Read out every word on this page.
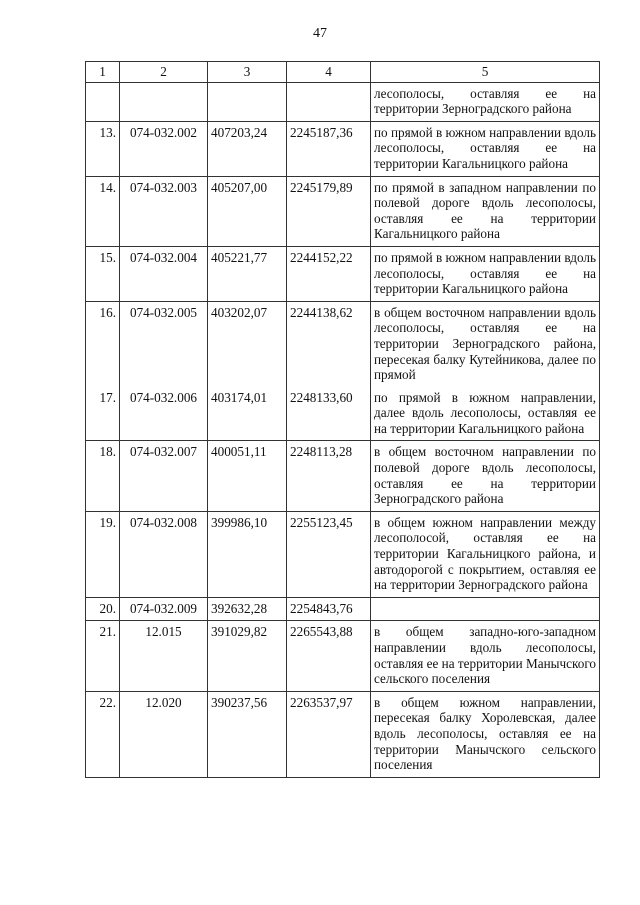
47
1	2	3	4	5
				лесополосы, оставляя ее на территории Зерноградского района
13.	074-032.002	407203,24	2245187,36	по прямой в южном направлении вдоль лесополосы, оставляя ее на территории Кагальницкого района
14.	074-032.003	405207,00	2245179,89	по прямой в западном направлении по полевой дороге вдоль лесополосы, оставляя ее на территории Кагальницкого района
15.	074-032.004	405221,77	2244152,22	по прямой в южном направлении вдоль лесополосы, оставляя ее на территории Кагальницкого района
16.	074-032.005	403202,07	2244138,62	в общем восточном направлении вдоль лесополосы, оставляя ее на территории Зерноградского района, пересекая балку Кутейникова, далее по прямой
17.	074-032.006	403174,01	2248133,60	по прямой в южном направлении, далее вдоль лесополосы, оставляя ее на территории Кагальницкого района
18.	074-032.007	400051,11	2248113,28	в общем восточном направлении по полевой дороге вдоль лесополосы, оставляя ее на территории Зерноградского района
19.	074-032.008	399986,10	2255123,45	в общем южном направлении между лесополосой, оставляя ее на территории Кагальницкого района, и автодорогой с покрытием, оставляя ее на территории Зерноградского района
20.	074-032.009	392632,28	2254843,76	
21.	12.015	391029,82	2265543,88	в общем западно-юго-западном направлении вдоль лесополосы, оставляя ее на территории Манычского сельского поселения
22.	12.020	390237,56	2263537,97	в общем южном направлении, пересекая балку Хоролевская, далее вдоль лесополосы, оставляя ее на территории Манычского сельского поселения
